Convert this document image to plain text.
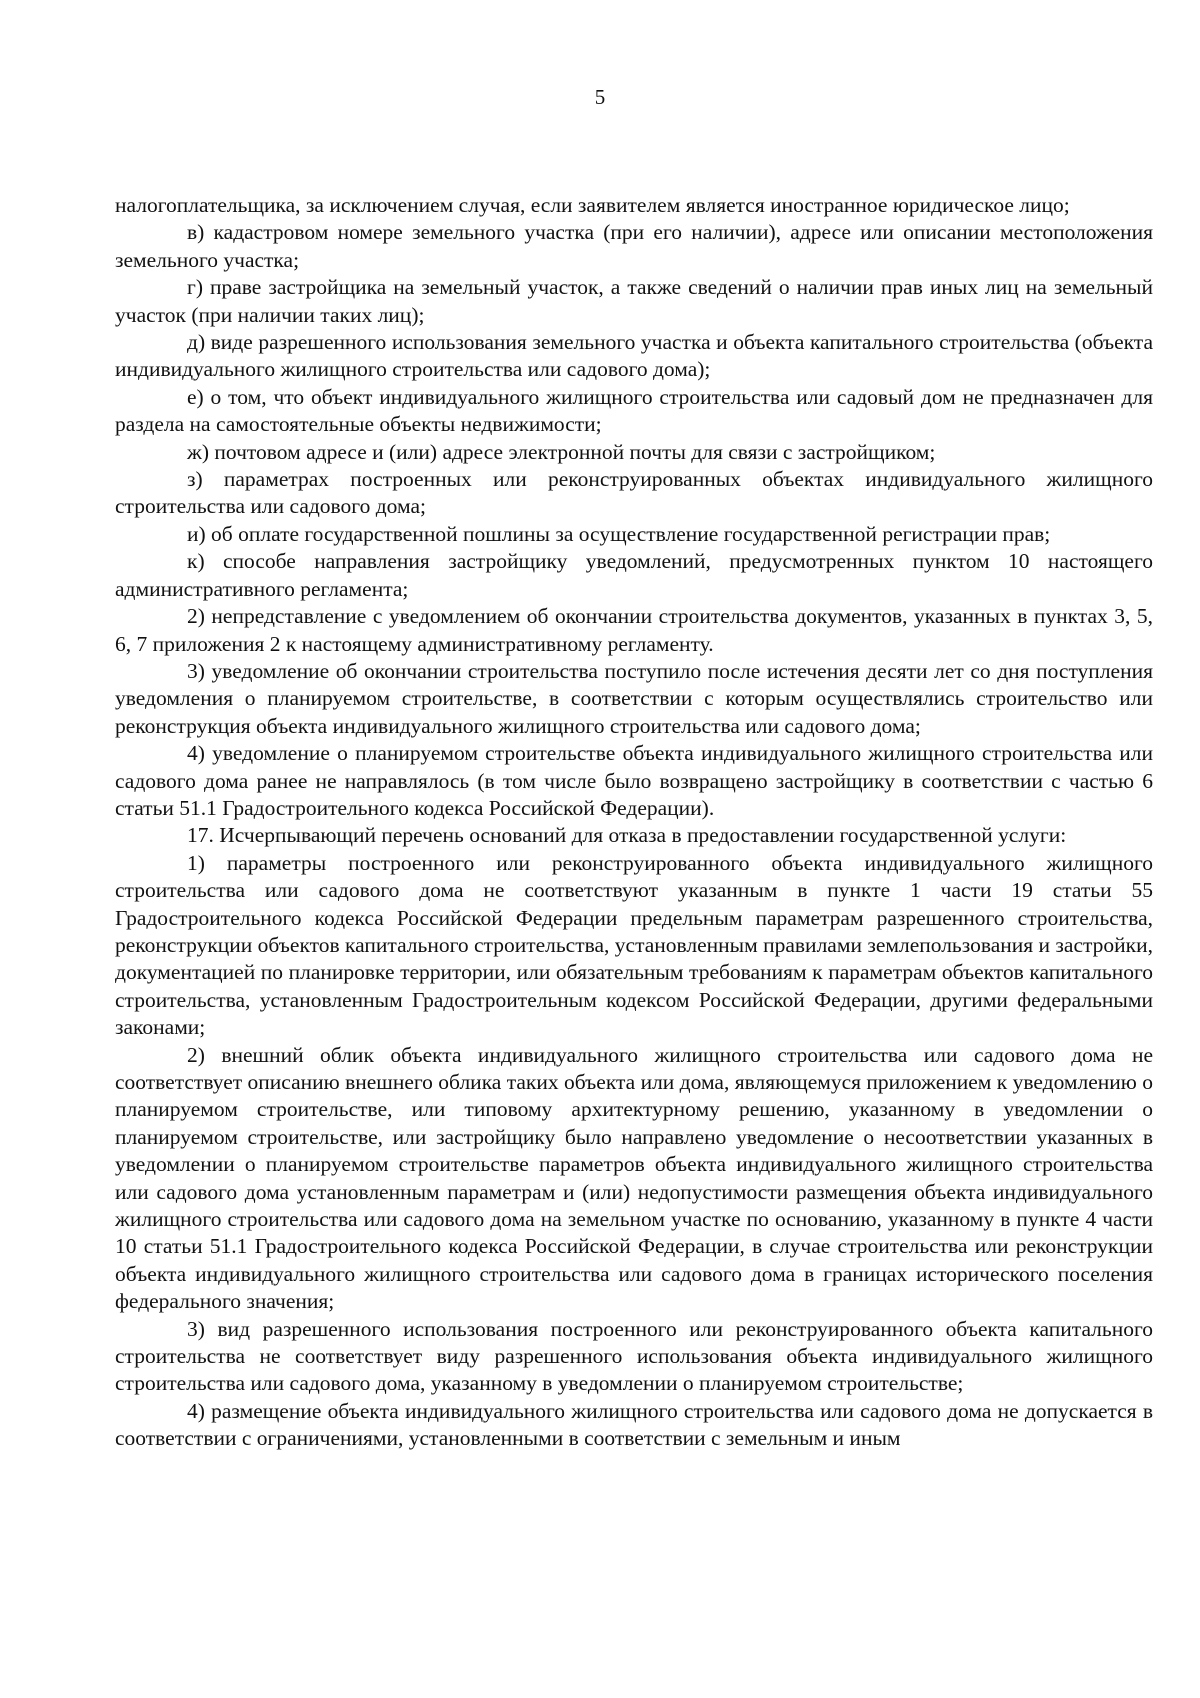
5

налогоплательщика, за исключением случая, если заявителем является иностранное юридическое лицо;

в) кадастровом номере земельного участка (при его наличии), адресе или описании местоположения земельного участка;

г) праве застройщика на земельный участок, а также сведений о наличии прав иных лиц на земельный участок (при наличии таких лиц);

д) виде разрешенного использования земельного участка и объекта капитального строительства (объекта индивидуального жилищного строительства или садового дома);

е) о том, что объект индивидуального жилищного строительства или садовый дом не предназначен для раздела на самостоятельные объекты недвижимости;

ж) почтовом адресе и (или) адресе электронной почты для связи с застройщиком;

з) параметрах построенных или реконструированных объектах индивидуального жилищного строительства или садового дома;

и) об оплате государственной пошлины за осуществление государственной регистрации прав;

к) способе направления застройщику уведомлений, предусмотренных пунктом 10 настоящего административного регламента;

2) непредставление с уведомлением об окончании строительства документов, указанных в пунктах 3, 5, 6, 7 приложения 2 к настоящему административному регламенту.

3) уведомление об окончании строительства поступило после истечения десяти лет со дня поступления уведомления о планируемом строительстве, в соответствии с которым осуществлялись строительство или реконструкция объекта индивидуального жилищного строительства или садового дома;

4) уведомление о планируемом строительстве объекта индивидуального жилищного строительства или садового дома ранее не направлялось (в том числе было возвращено застройщику в соответствии с частью 6 статьи 51.1 Градостроительного кодекса Российской Федерации).

17. Исчерпывающий перечень оснований для отказа в предоставлении государственной услуги:

1) параметры построенного или реконструированного объекта индивидуального жилищного строительства или садового дома не соответствуют указанным в пункте 1 части 19 статьи 55 Градостроительного кодекса Российской Федерации предельным параметрам разрешенного строительства, реконструкции объектов капитального строительства, установленным правилами землепользования и застройки, документацией по планировке территории, или обязательным требованиям к параметрам объектов капитального строительства, установленным Градостроительным кодексом Российской Федерации, другими федеральными законами;

2) внешний облик объекта индивидуального жилищного строительства или садового дома не соответствует описанию внешнего облика таких объекта или дома, являющемуся приложением к уведомлению о планируемом строительстве, или типовому архитектурному решению, указанному в уведомлении о планируемом строительстве, или застройщику было направлено уведомление о несоответствии указанных в уведомлении о планируемом строительстве параметров объекта индивидуального жилищного строительства или садового дома установленным параметрам и (или) недопустимости размещения объекта индивидуального жилищного строительства или садового дома на земельном участке по основанию, указанному в пункте 4 части 10 статьи 51.1 Градостроительного кодекса Российской Федерации, в случае строительства или реконструкции объекта индивидуального жилищного строительства или садового дома в границах исторического поселения федерального значения;

3) вид разрешенного использования построенного или реконструированного объекта капитального строительства не соответствует виду разрешенного использования объекта индивидуального жилищного строительства или садового дома, указанному в уведомлении о планируемом строительстве;

4) размещение объекта индивидуального жилищного строительства или садового дома не допускается в соответствии с ограничениями, установленными в соответствии с земельным и иным
